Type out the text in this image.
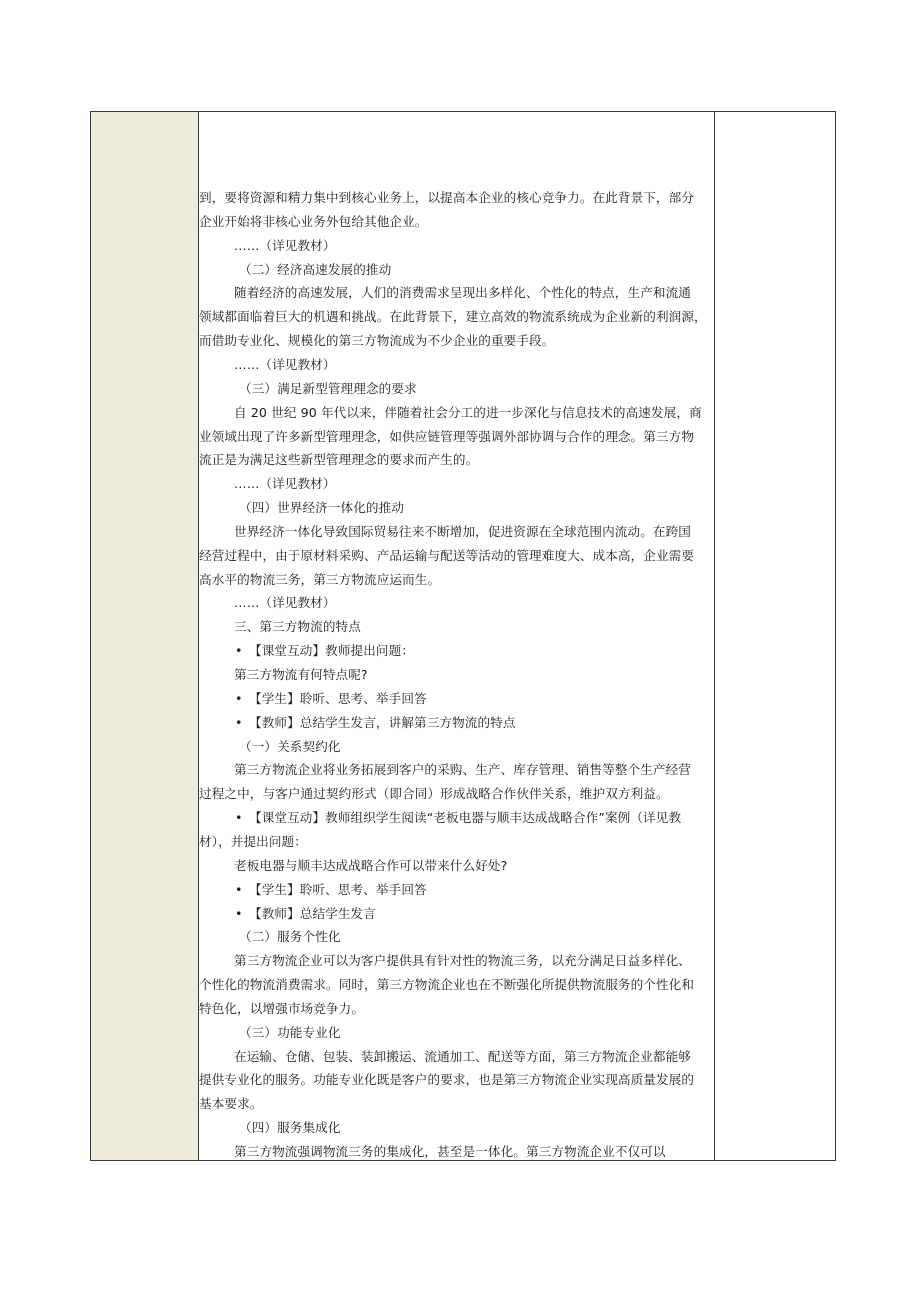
到，要将资源和精力集中到核心业务上，以提高本企业的核心竞争力。在此背景下，部分
企业开始将非核心业务外包给其他企业。
……（详见教材）
（二）经济高速发展的推动
随着经济的高速发展，人们的消费需求呈现出多样化、个性化的特点，生产和流通
领域都面临着巨大的机遇和挑战。在此背景下，建立高效的物流系统成为企业新的利润源，
而借助专业化、规模化的第三方物流成为不少企业的重要手段。
……（详见教材）
（三）满足新型管理理念的要求
自 20 世纪 90 年代以来，伴随着社会分工的进一步深化与信息技术的高速发展，商
业领域出现了许多新型管理理念，如供应链管理等强调外部协调与合作的理念。第三方物
流正是为满足这些新型管理理念的要求而产生的。
……（详见教材）
（四）世界经济一体化的推动
世界经济一体化导致国际贸易往来不断增加，促进资源在全球范围内流动。在跨国
经营过程中，由于原材料采购、产品运输与配送等活动的管理难度大、成本高，企业需要
高水平的物流三务，第三方物流应运而生。
……（详见教材）
三、第三方物流的特点
• 【课堂互动】教师提出问题：
第三方物流有何特点呢?
• 【学生】聆听、思考、举手回答
• 【教师】总结学生发言，讲解第三方物流的特点
（一）关系契约化
第三方物流企业将业务拓展到客户的采购、生产、库存管理、销售等整个生产经营
过程之中，与客户通过契约形式（即合同）形成战略合作伙伴关系，维护双方利益。
• 【课堂互动】教师组织学生阅读“老板电器与顺丰达成战略合作”案例（详见教
材），并提出问题：
老板电器与顺丰达成战略合作可以带来什么好处?
• 【学生】聆听、思考、举手回答
• 【教师】总结学生发言
（二）服务个性化
第三方物流企业可以为客户提供具有针对性的物流三务，以充分满足日益多样化、
个性化的物流消费需求。同时，第三方物流企业也在不断强化所提供物流服务的个性化和
特色化，以增强市场竞争力。
（三）功能专业化
在运输、仓储、包装、装卸搬运、流通加工、配送等方面，第三方物流企业都能够
提供专业化的服务。功能专业化既是客户的要求，也是第三方物流企业实现高质量发展的
基本要求。
（四）服务集成化
第三方物流强调物流三务的集成化，甚至是一体化。第三方物流企业不仅可以
